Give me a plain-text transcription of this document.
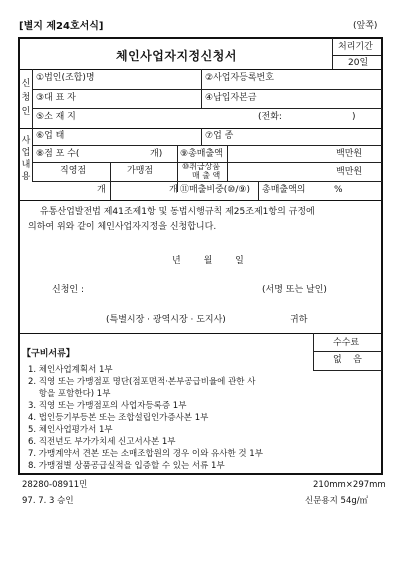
[별지 제24호서식]	(앞쪽)
체인사업자지정신청서
처리기간
20일
신
청
인
①법인(조합)명	②사업자등록번호
③대 표 자	④납입자본금
⑤소 재 지	(전화:	)
사
업
내
용
⑥업 태	⑦업 종
⑧점 포 수(	개) ⑨총매출액	백만원
직영점	가맹점	⑩취급상품
매 출 액	백만원
개	개 ⑪매출비중(⑩/⑨) 총매출액의	%
유통산업발전법 제41조제1항 및 동법시행규칙 제25조제1항의 규정에
의하여 위와 같이 체인사업자지정을 신청합니다.
년        월        일
신청인 :	(서명 또는 날인)
(특별시장 · 광역시장 · 도지사)	귀하
수수료
없    음
【구비서류】
1. 체인사업계획서 1부
2. 직영 또는 가맹점포 명단(점포면적·본부공급비율에 관한 사
항을 포함한다) 1부
3. 직영 또는 가맹점포의 사업자등록증 1부
4. 법인등기부등본 또는 조합설립인가증사본 1부
5. 체인사업평가서 1부
6. 직전년도 부가가치세 신고서사본 1부
7. 가맹계약서 견본 또는 소매조합원의 경우 이와 유사한 것 1부
8. 가맹점별 상품공급실적을 입증할 수 있는 서류 1부
28280-08911민
97. 7. 3 승인
210mm×297mm
신문용지 54g/㎡
